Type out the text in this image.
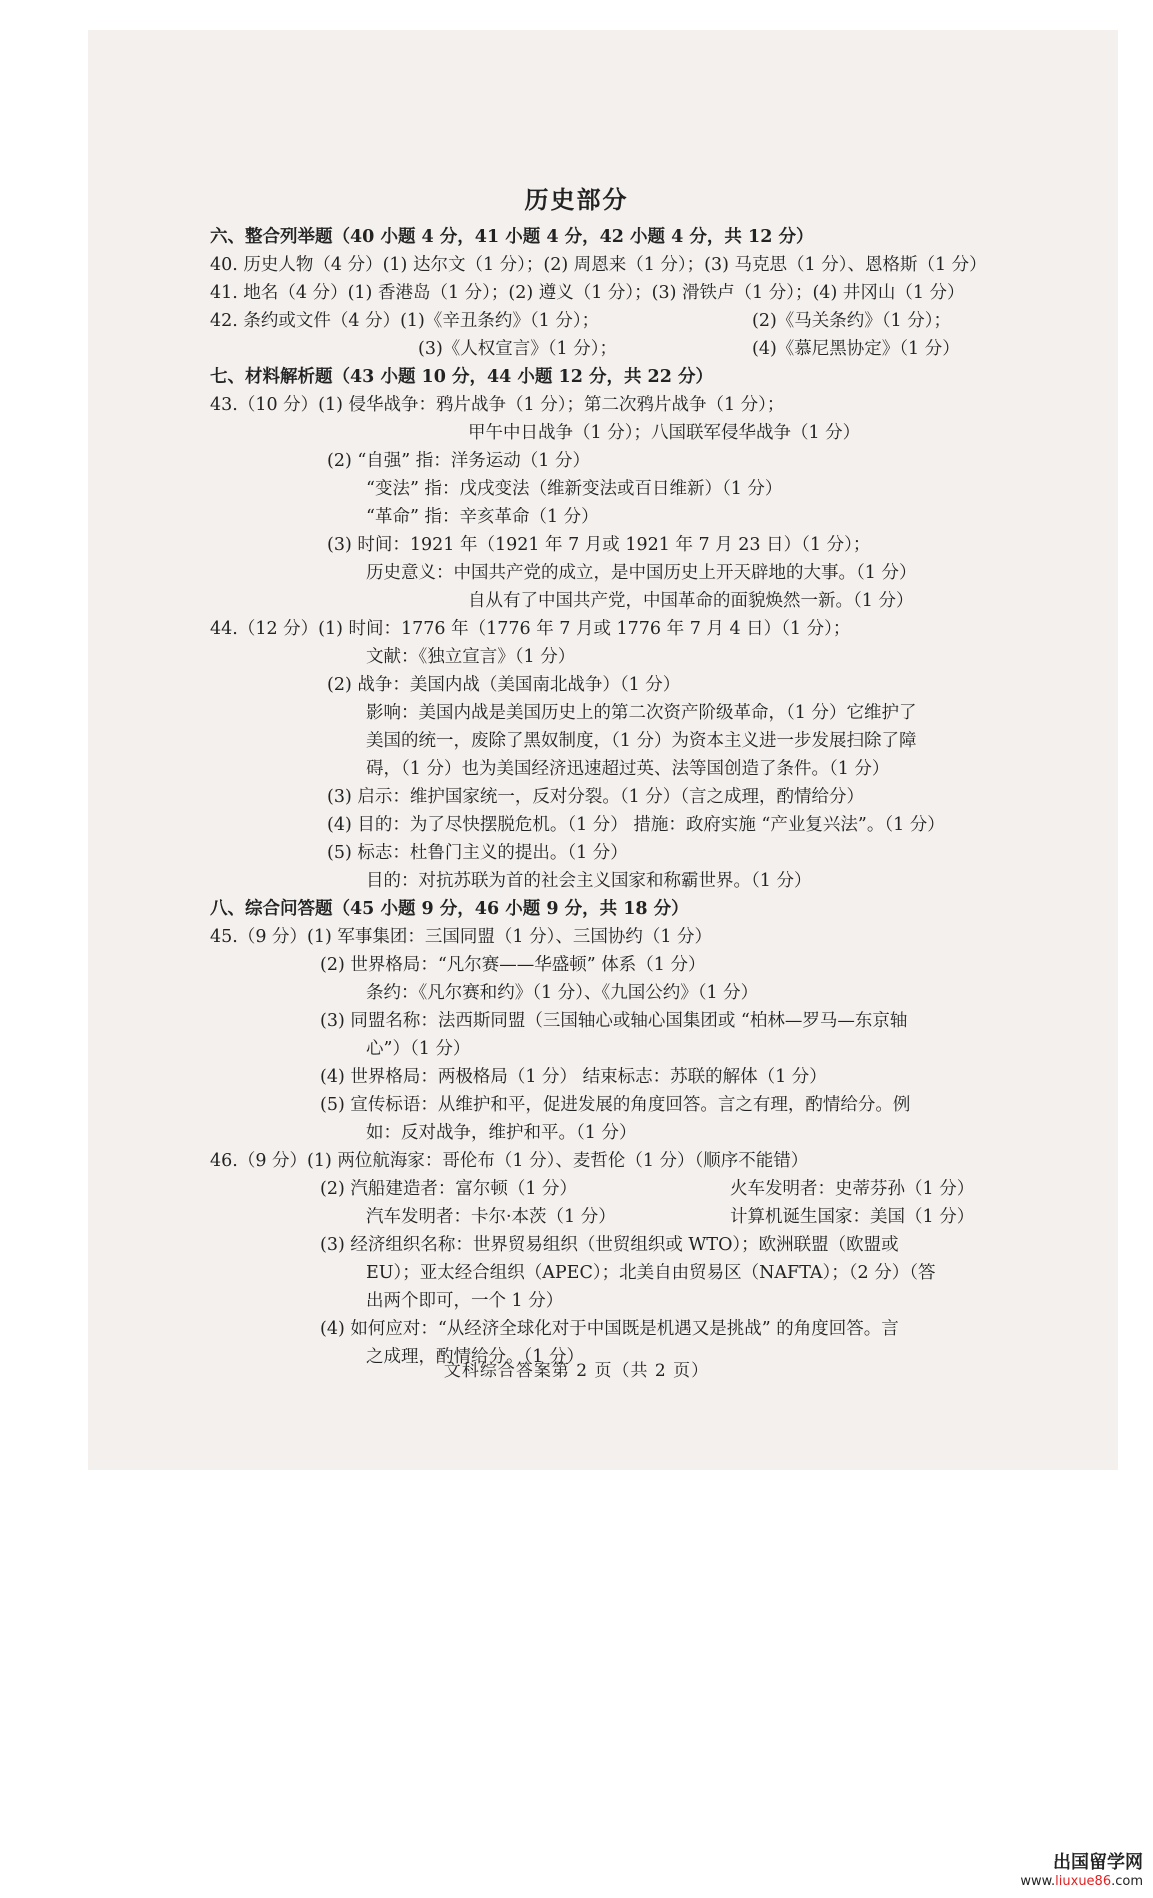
历史部分
六、整合列举题（40 小题 4 分，41 小题 4 分，42 小题 4 分，共 12 分）
40. 历史人物（4 分）(1) 达尔文（1 分）；(2) 周恩来（1 分）；(3) 马克思（1 分）、恩格斯（1 分）
41. 地名（4 分）(1) 香港岛（1 分）；(2) 遵义（1 分）；(3) 滑铁卢（1 分）；(4) 井冈山（1 分）
42. 条约或文件（4 分）(1)《辛丑条约》（1 分）；	(2)《马关条约》（1 分）；
(3)《人权宣言》（1 分）；	(4)《慕尼黑协定》（1 分）
七、材料解析题（43 小题 10 分，44 小题 12 分，共 22 分）
43.（10 分）(1) 侵华战争：鸦片战争（1 分）；第二次鸦片战争（1 分）；
甲午中日战争（1 分）；八国联军侵华战争（1 分）
(2) “自强” 指：洋务运动（1 分）
“变法” 指：戊戌变法（维新变法或百日维新）（1 分）
“革命” 指：辛亥革命（1 分）
(3) 时间：1921 年（1921 年 7 月或 1921 年 7 月 23 日）（1 分）；
历史意义：中国共产党的成立，是中国历史上开天辟地的大事。（1 分）
自从有了中国共产党，中国革命的面貌焕然一新。（1 分）
44.（12 分）(1) 时间：1776 年（1776 年 7 月或 1776 年 7 月 4 日）（1 分）；
文献：《独立宣言》（1 分）
(2) 战争：美国内战（美国南北战争）（1 分）
影响：美国内战是美国历史上的第二次资产阶级革命，（1 分）它维护了
美国的统一，废除了黑奴制度，（1 分）为资本主义进一步发展扫除了障
碍，（1 分）也为美国经济迅速超过英、法等国创造了条件。（1 分）
(3) 启示：维护国家统一，反对分裂。（1 分）（言之成理，酌情给分）
(4) 目的：为了尽快摆脱危机。（1 分） 措施：政府实施 “产业复兴法”。（1 分）
(5) 标志：杜鲁门主义的提出。（1 分）
目的：对抗苏联为首的社会主义国家和称霸世界。（1 分）
八、综合问答题（45 小题 9 分，46 小题 9 分，共 18 分）
45.（9 分）(1) 军事集团：三国同盟（1 分）、三国协约（1 分）
(2) 世界格局：“凡尔赛——华盛顿” 体系（1 分）
条约：《凡尔赛和约》（1 分）、《九国公约》（1 分）
(3) 同盟名称：法西斯同盟（三国轴心或轴心国集团或 “柏林—罗马—东京轴
心”）（1 分）
(4) 世界格局：两极格局（1 分） 结束标志：苏联的解体（1 分）
(5) 宣传标语：从维护和平，促进发展的角度回答。言之有理，酌情给分。例
如：反对战争，维护和平。（1 分）
46.（9 分）(1) 两位航海家：哥伦布（1 分）、麦哲伦（1 分）（顺序不能错）
(2) 汽船建造者：富尔顿（1 分）	火车发明者：史蒂芬孙（1 分）
汽车发明者：卡尔·本茨（1 分）	计算机诞生国家：美国（1 分）
(3) 经济组织名称：世界贸易组织（世贸组织或 WTO）；欧洲联盟（欧盟或
EU）；亚太经合组织（APEC）；北美自由贸易区（NAFTA）；（2 分）（答
出两个即可，一个 1 分）
(4) 如何应对：“从经济全球化对于中国既是机遇又是挑战” 的角度回答。言
之成理，酌情给分。（1 分）
文科综合答案第 2 页（共 2 页）
出国留学网
www.liuxue86.com
